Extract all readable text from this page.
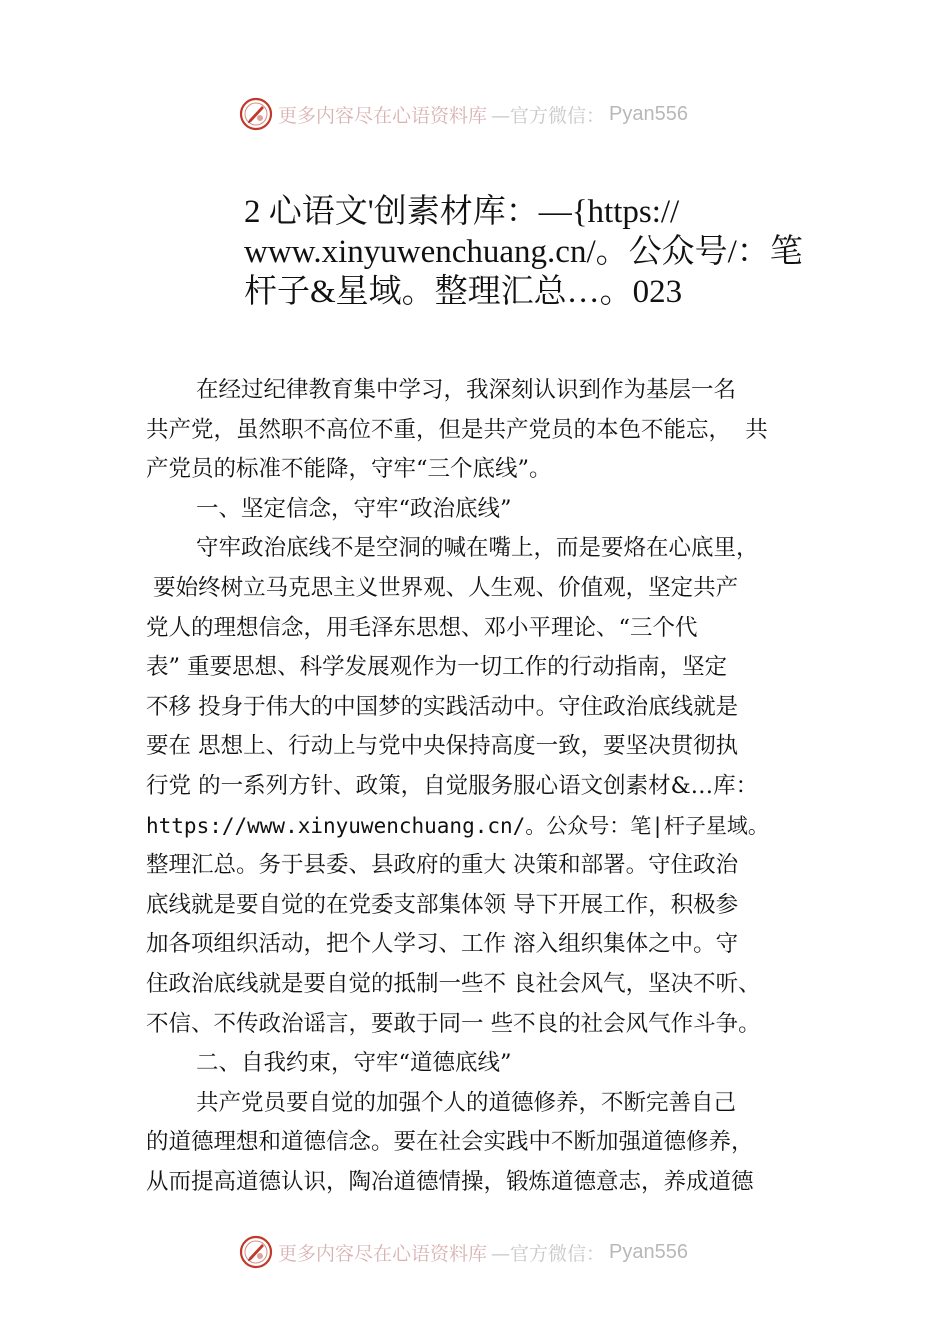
更多内容尽在心语资料库 —官方微信： Pyan556
2 心语文'创素材库：—{https://
www.xinyuwenchuang.cn/。公众号/：笔
杆子&星域。整理汇总…。023
在经过纪律教育集中学习，我深刻认识到作为基层一名
共产党，虽然职不高位不重，但是共产党员的本色不能忘，  共
产党员的标准不能降，守牢“三个底线”。
一、坚定信念，守牢“政治底线”
守牢政治底线不是空洞的喊在嘴上，而是要烙在心底里，
要始终树立马克思主义世界观、人生观、价值观，坚定共产
党人的理想信念，用毛泽东思想、邓小平理论、“三个代
表” 重要思想、科学发展观作为一切工作的行动指南，坚定
不移 投身于伟大的中国梦的实践活动中。守住政治底线就是
要在 思想上、行动上与党中央保持高度一致，要坚决贯彻执
行党 的一系列方针、政策，自觉服务服心语文创素材&…库：
https://www.xinyuwenchuang.cn/。公众号：笔|杆子星域。
整理汇总。务于县委、县政府的重大 决策和部署。守住政治
底线就是要自觉的在党委支部集体领 导下开展工作，积极参
加各项组织活动，把个人学习、工作 溶入组织集体之中。守
住政治底线就是要自觉的抵制一些不 良社会风气，坚决不听、
不信、不传政治谣言，要敢于同一 些不良的社会风气作斗争。
二、自我约束，守牢“道德底线”
共产党员要自觉的加强个人的道德修养，不断完善自己
的道德理想和道德信念。要在社会实践中不断加强道德修养，
从而提高道德认识，陶冶道德情操，锻炼道德意志，养成道德
更多内容尽在心语资料库 —官方微信： Pyan556
